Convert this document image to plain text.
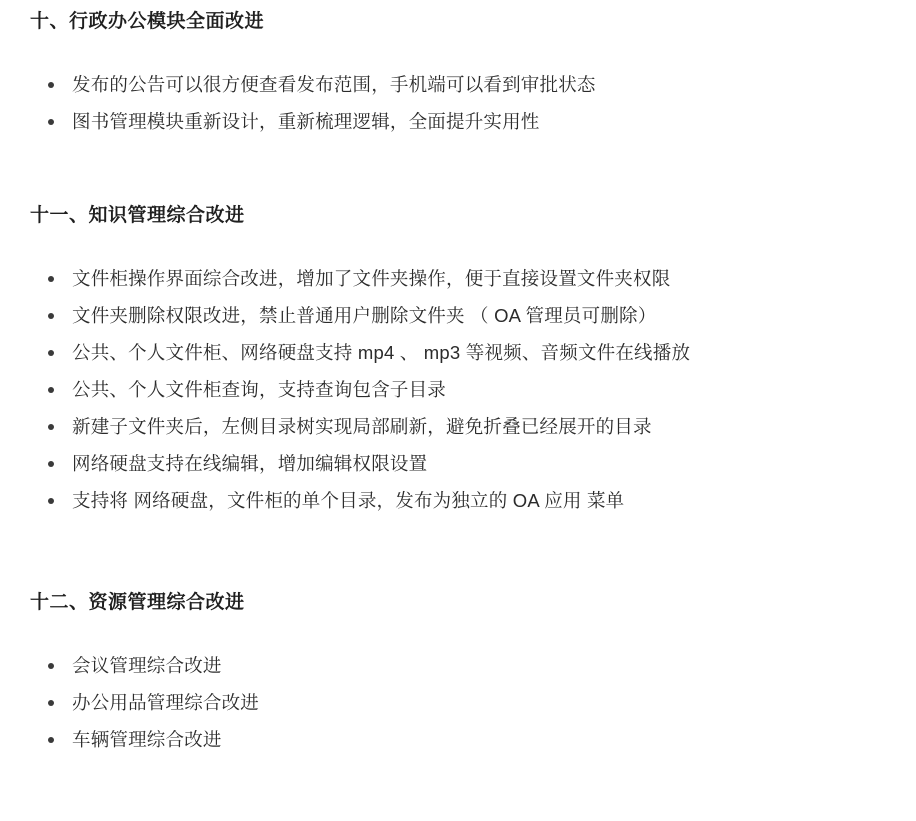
十、行政办公模块全面改进
发布的公告可以很方便查看发布范围，手机端可以看到审批状态
图书管理模块重新设计，重新梳理逻辑，全面提升实用性
十一、知识管理综合改进
文件柜操作界面综合改进，增加了文件夹操作，便于直接设置文件夹权限
文件夹删除权限改进，禁止普通用户删除文件夹 （ OA 管理员可删除）
公共、个人文件柜、网络硬盘支持 mp4 、 mp3 等视频、音频文件在线播放
公共、个人文件柜查询，支持查询包含子目录
新建子文件夹后，左侧目录树实现局部刷新，避免折叠已经展开的目录
网络硬盘支持在线编辑，增加编辑权限设置
支持将 网络硬盘，文件柜的单个目录，发布为独立的 OA 应用 菜单
十二、资源管理综合改进
会议管理综合改进
办公用品管理综合改进
车辆管理综合改进
